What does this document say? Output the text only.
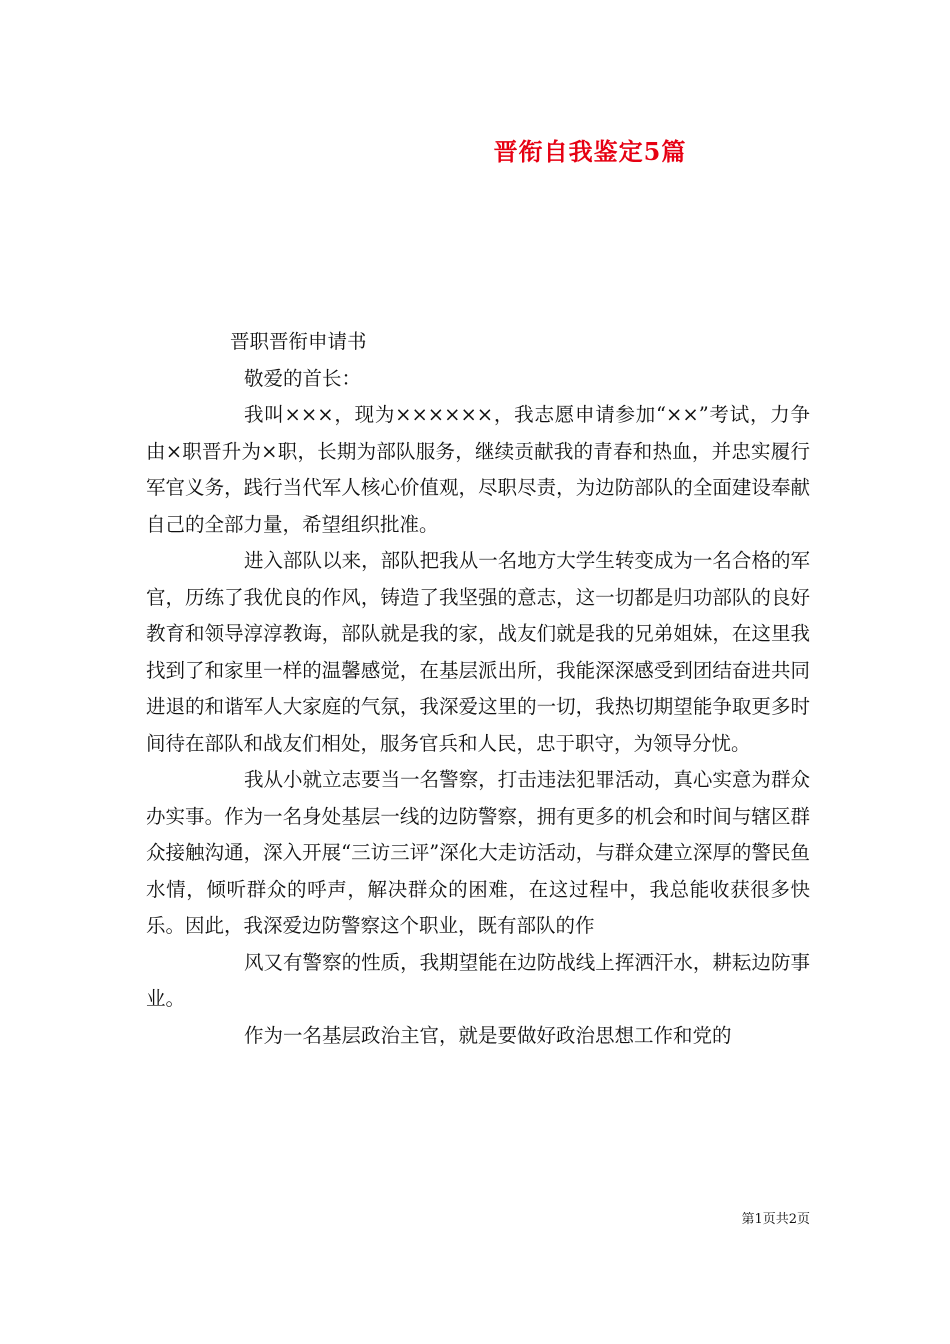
晋衔自我鉴定5篇

晋职晋衔申请书

敬爱的首长：

我叫×××，现为××××××，我志愿申请参加“××”考试，力争由×职晋升为×职，长期为部队服务，继续贡献我的青春和热血，并忠实履行军官义务，践行当代军人核心价值观，尽职尽责，为边防部队的全面建设奉献自己的全部力量，希望组织批准。

进入部队以来，部队把我从一名地方大学生转变成为一名合格的军官，历练了我优良的作风，铸造了我坚强的意志，这一切都是归功部队的良好教育和领导淳淳教诲，部队就是我的家，战友们就是我的兄弟姐妹，在这里我找到了和家里一样的温馨感觉，在基层派出所，我能深深感受到团结奋进共同进退的和谐军人大家庭的气氛，我深爱这里的一切，我热切期望能争取更多时间待在部队和战友们相处，服务官兵和人民，忠于职守，为领导分忧。

我从小就立志要当一名警察，打击违法犯罪活动，真心实意为群众办实事。作为一名身处基层一线的边防警察，拥有更多的机会和时间与辖区群众接触沟通，深入开展“三访三评”深化大走访活动，与群众建立深厚的警民鱼水情，倾听群众的呼声，解决群众的困难，在这过程中，我总能收获很多快乐。因此，我深爱边防警察这个职业，既有部队的作

风又有警察的性质，我期望能在边防战线上挥洒汗水，耕耘边防事业。

作为一名基层政治主官，就是要做好政治思想工作和党的

第1页共2页
